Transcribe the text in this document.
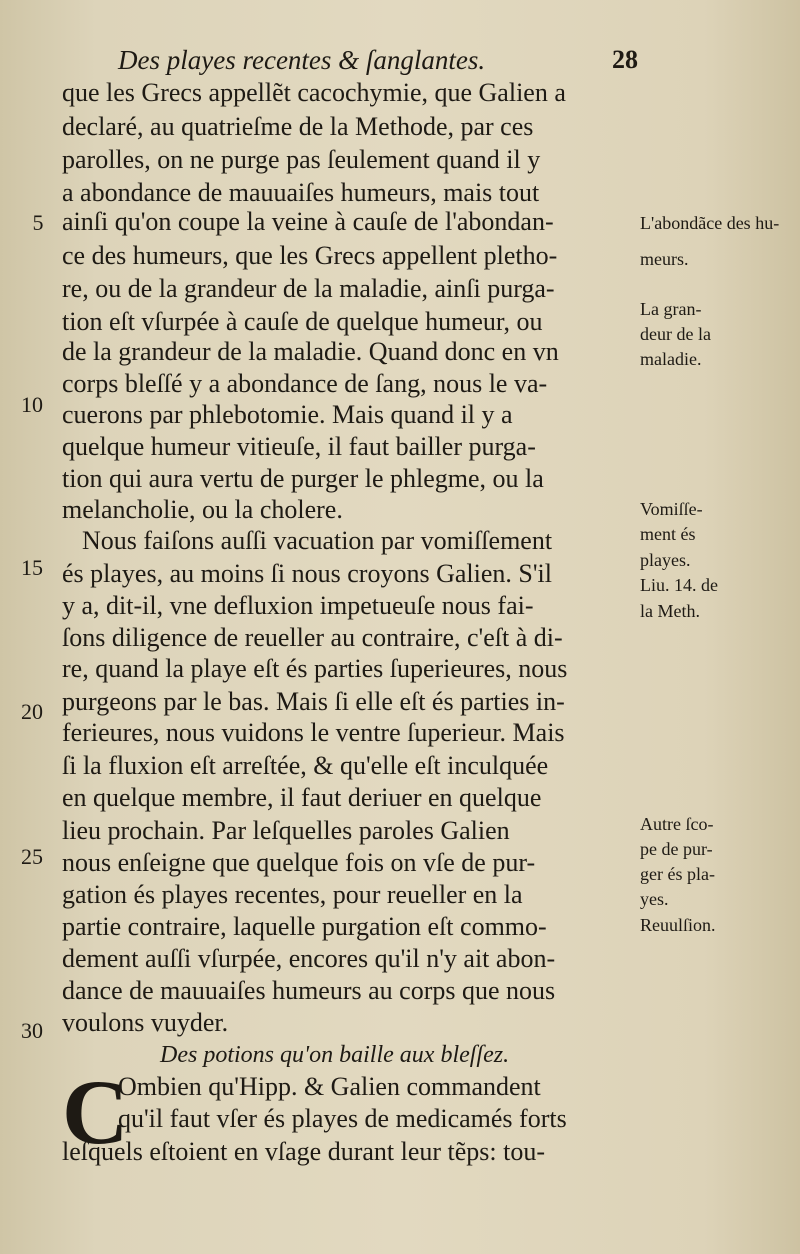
Des playes recentes & ſanglantes.	28
que les Grecs appellẽt cacochymie, que Galien a
declaré, au quatrieſme de la Methode, par ces
parolles, on ne purge pas ſeulement quand il y
a abondance de mauuaiſes humeurs, mais tout
ainſi qu'on coupe la veine à cauſe de l'abondan-
ce des humeurs, que les Grecs appellent pletho-
re, ou de la grandeur de la maladie, ainſi purga-
tion eſt vſurpée à cauſe de quelque humeur, ou
de la grandeur de la maladie. Quand donc en vn
corps bleſſé y a abondance de ſang, nous le va-
cuerons par phlebotomie. Mais quand il y a
quelque humeur vitieuſe, il faut bailler purga-
tion qui aura vertu de purger le phlegme, ou la
melancholie, ou la cholere.
Nous faiſons auſſi vacuation par vomiſſement
és playes, au moins ſi nous croyons Galien. S'il
y a, dit-il, vne defluxion impetueuſe nous fai-
ſons diligence de reueller au contraire, c'eſt à di-
re, quand la playe eſt és parties ſuperieures, nous
purgeons par le bas. Mais ſi elle eſt és parties in-
ferieures, nous vuidons le ventre ſuperieur. Mais
ſi la fluxion eſt arreſtée, & qu'elle eſt inculquée
en quelque membre, il faut deriuer en quelque
lieu prochain. Par leſquelles paroles Galien
nous enſeigne que quelque fois on vſe de pur-
gation és playes recentes, pour reueller en la
partie contraire, laquelle purgation eſt commo-
dement auſſi vſurpée, encores qu'il n'y ait abon-
dance de mauuaiſes humeurs au corps que nous
voulons vuyder.
5
10
15
20
25
30
L'abondãce des hu-
meurs.
La gran-
deur de la
maladie.
Vomiſſe-
ment és
playes.
Liu. 14. de
la Meth.
Autre ſco-
pe de pur-
ger és pla-
yes.
Reuulſion.
Des potions qu'on baille aux bleſſez.
C
Ombien qu'Hipp. & Galien commandent
qu'il faut vſer és playes de medicamés forts
leſquels eſtoient en vſage durant leur tẽps: tou-
